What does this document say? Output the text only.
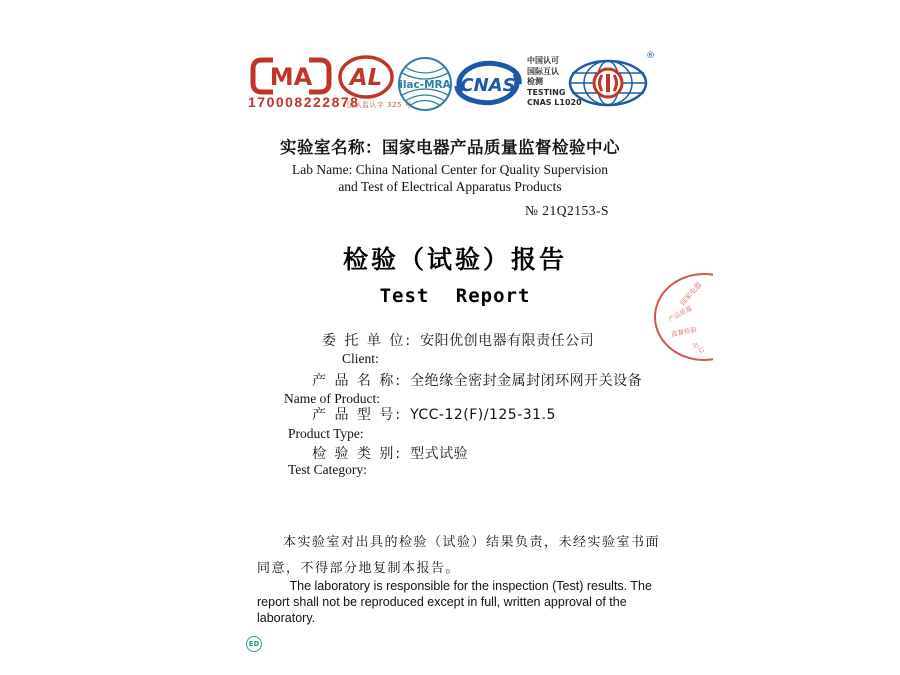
MA
170008222878
国认监认字 325 号
AL ilac-MRA CNAS
中国认可
国际互认
检测
TESTING
CNAS L1020
®
实验室名称：国家电器产品质量监督检验中心
Lab Name: China National Center for Quality Supervision
and Test of Electrical Apparatus Products
№ 21Q2153-S
检验（试验）报告
Test Report	国家电器
产品质量
监督检验
中心
委 托 单 位: 安阳优创电器有限责任公司
Client:
产 品 名 称: 全绝缘全密封金属封闭环网开关设备
Name of Product:
产 品 型 号: YCC-12(F)/125-31.5
Product Type:
检 验 类 别: 型式试验
Test Category:

本实验室对出具的检验（试验）结果负责，未经实验室书面同意，不得部分地复制本报告。

The laboratory is responsible for the inspection (Test) results. The report shall not be reproduced except in full, written approval of the laboratory.

ED
